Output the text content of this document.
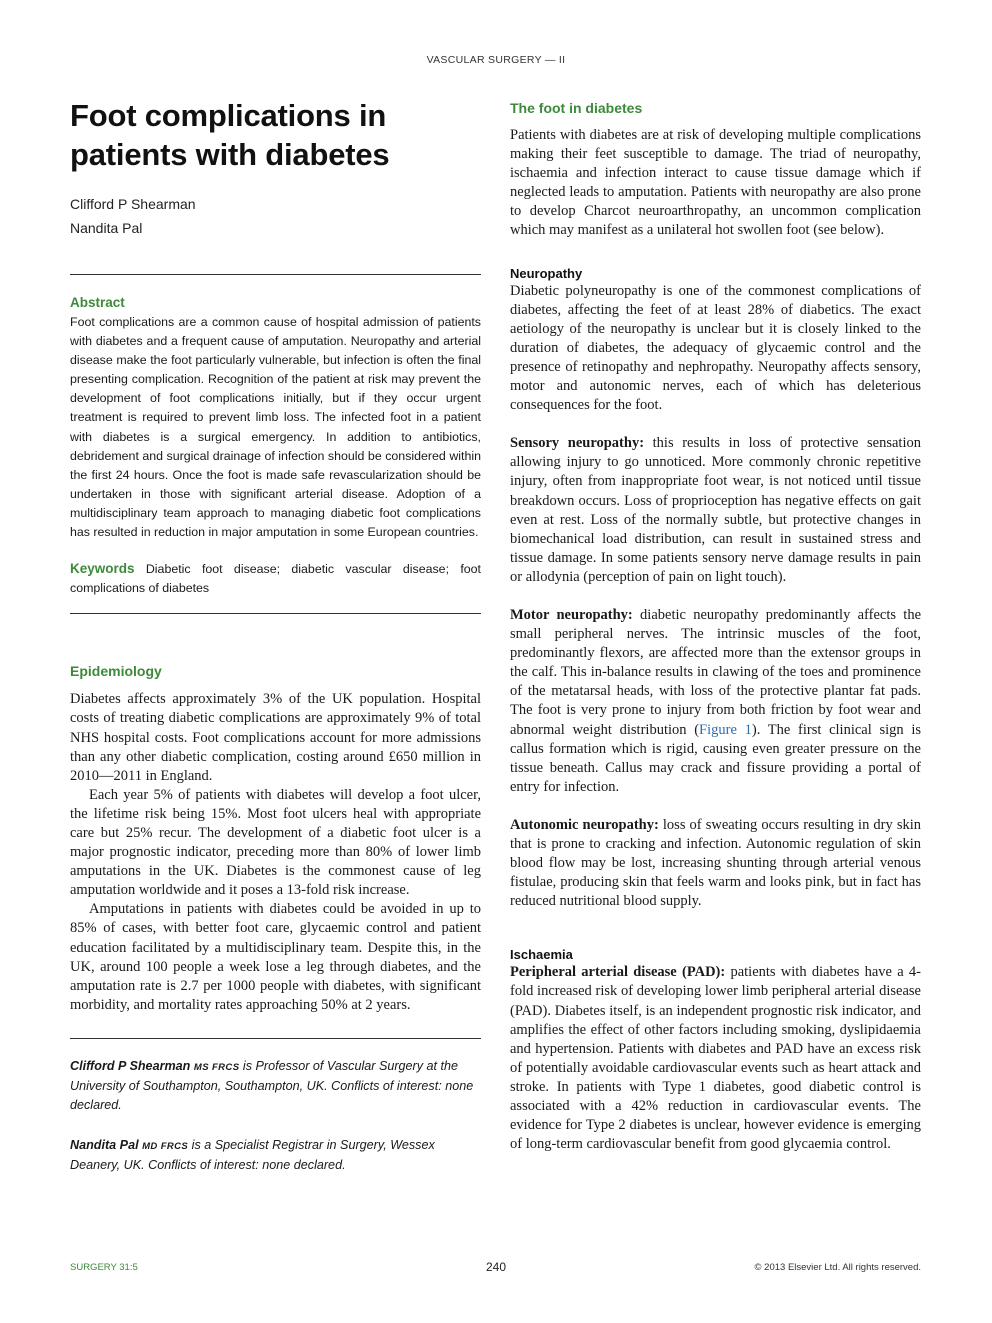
VASCULAR SURGERY — II
Foot complications in
patients with diabetes
Clifford P Shearman
Nandita Pal
Abstract

Foot complications are a common cause of hospital admission of patients with diabetes and a frequent cause of amputation. Neuropathy and arterial disease make the foot particularly vulnerable, but infection is often the final presenting complication. Recognition of the patient at risk may prevent the development of foot complications initially, but if they occur urgent treatment is required to prevent limb loss. The infected foot in a patient with diabetes is a surgical emergency. In addition to antibiotics, debridement and surgical drainage of infection should be considered within the first 24 hours. Once the foot is made safe revascularization should be undertaken in those with significant arterial disease. Adoption of a multidisciplinary team approach to managing diabetic foot complications has resulted in reduction in major amputation in some European countries.

Keywords Diabetic foot disease; diabetic vascular disease; foot complications of diabetes

Epidemiology

Diabetes affects approximately 3% of the UK population. Hospital costs of treating diabetic complications are approximately 9% of total NHS hospital costs. Foot complications account for more admissions than any other diabetic complication, costing around £650 million in 2010—2011 in England.

Each year 5% of patients with diabetes will develop a foot ulcer, the lifetime risk being 15%. Most foot ulcers heal with appropriate care but 25% recur. The development of a diabetic foot ulcer is a major prognostic indicator, preceding more than 80% of lower limb amputations in the UK. Diabetes is the commonest cause of leg amputation worldwide and it poses a 13-fold risk increase.

Amputations in patients with diabetes could be avoided in up to 85% of cases, with better foot care, glycaemic control and patient education facilitated by a multidisciplinary team. Despite this, in the UK, around 100 people a week lose a leg through diabetes, and the amputation rate is 2.7 per 1000 people with diabetes, with significant morbidity, and mortality rates approaching 50% at 2 years.

Clifford P Shearman MS FRCS is Professor of Vascular Surgery at the University of Southampton, Southampton, UK. Conflicts of interest: none declared.

Nandita Pal MD FRCS is a Specialist Registrar in Surgery, Wessex Deanery, UK. Conflicts of interest: none declared.

The foot in diabetes

Patients with diabetes are at risk of developing multiple complications making their feet susceptible to damage. The triad of neuropathy, ischaemia and infection interact to cause tissue damage which if neglected leads to amputation. Patients with neuropathy are also prone to develop Charcot neuroarthropathy, an uncommon complication which may manifest as a unilateral hot swollen foot (see below).

Neuropathy

Diabetic polyneuropathy is one of the commonest complications of diabetes, affecting the feet of at least 28% of diabetics. The exact aetiology of the neuropathy is unclear but it is closely linked to the duration of diabetes, the adequacy of glycaemic control and the presence of retinopathy and nephropathy. Neuropathy affects sensory, motor and autonomic nerves, each of which has deleterious consequences for the foot.

Sensory neuropathy: this results in loss of protective sensation allowing injury to go unnoticed. More commonly chronic repetitive injury, often from inappropriate foot wear, is not noticed until tissue breakdown occurs. Loss of proprioception has negative effects on gait even at rest. Loss of the normally subtle, but protective changes in biomechanical load distribution, can result in sustained stress and tissue damage. In some patients sensory nerve damage results in pain or allodynia (perception of pain on light touch).

Motor neuropathy: diabetic neuropathy predominantly affects the small peripheral nerves. The intrinsic muscles of the foot, predominantly flexors, are affected more than the extensor groups in the calf. This in-balance results in clawing of the toes and prominence of the metatarsal heads, with loss of the protective plantar fat pads. The foot is very prone to injury from both friction by foot wear and abnormal weight distribution (Figure 1). The first clinical sign is callus formation which is rigid, causing even greater pressure on the tissue beneath. Callus may crack and fissure providing a portal of entry for infection.

Autonomic neuropathy: loss of sweating occurs resulting in dry skin that is prone to cracking and infection. Autonomic regulation of skin blood flow may be lost, increasing shunting through arterial venous fistulae, producing skin that feels warm and looks pink, but in fact has reduced nutritional blood supply.

Ischaemia

Peripheral arterial disease (PAD): patients with diabetes have a 4-fold increased risk of developing lower limb peripheral arterial disease (PAD). Diabetes itself, is an independent prognostic risk indicator, and amplifies the effect of other factors including smoking, dyslipidaemia and hypertension. Patients with diabetes and PAD have an excess risk of potentially avoidable cardiovascular events such as heart attack and stroke. In patients with Type 1 diabetes, good diabetic control is associated with a 42% reduction in cardiovascular events. The evidence for Type 2 diabetes is unclear, however evidence is emerging of long-term cardiovascular benefit from good glycaemia control.

SURGERY 31:5	240	© 2013 Elsevier Ltd. All rights reserved.
